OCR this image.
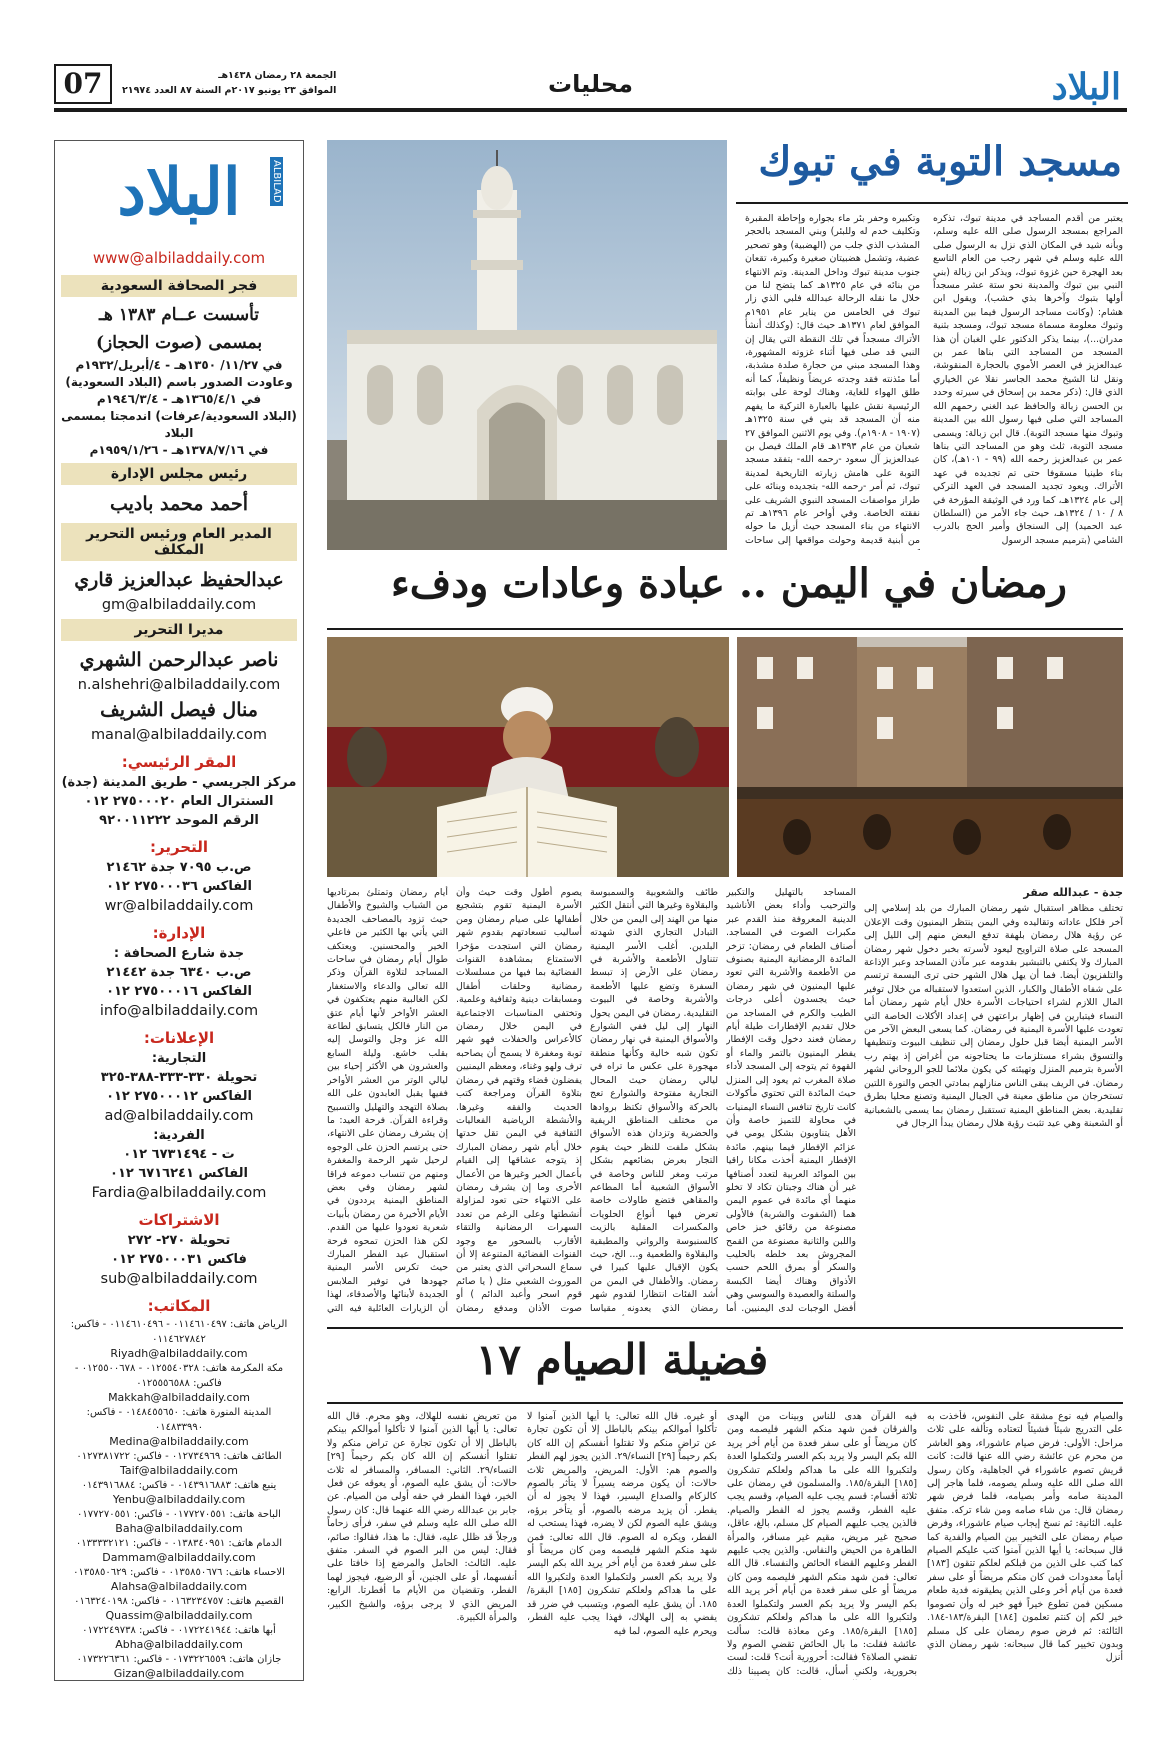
البلاد
محليات
الجمعة ٢٨ رمضان ١٤٣٨هـ
الموافق ٢٣ يونيو ٢٠١٧م السنة ٨٧ العدد ٢١٩٧٤
07
البلاد	ALBILAD
www@albiladdaily.com
فجر الصحافة السعودية
تأسست عــام ١٣٨٣ هـ
بمسمى (صوت الحجاز)
في ١١/٢٧/ ١٣٥٠هـ - ٤/أبريل/١٩٣٢م
وعاودت الصدور باسم (البلاد السعودية)
في ١٣٦٥/٤/١هـ - ١٩٤٦/٣/٤م
(البلاد السعودية/عرفات) اندمجتا بمسمى البلاد
في ١٣٧٨/٧/١٦هـ - ١٩٥٩/١/٢٦م
رئيس مجلس الإدارة
أحمد محمد باديب
المدير العام ورئيس التحرير المكلف
عبدالحفيظ عبدالعزيز قاري
gm@albiladdaily.com
مديرا التحرير
ناصر عبدالرحمن الشهري
n.alshehri@albiladdaily.com
منال فيصل الشريف
manal@albiladdaily.com
المقر الرئيسي:
مركز الجريسي - طريق المدينة (جدة)
السنترال العام ٢٧٥٠٠٠٢٠ ٠١٢
الرقم الموحد ٩٢٠٠١١٢٢٢
التحرير:
ص.ب ٧٠٩٥ جدة ٢١٤٦٢
الفاكس ٢٧٥٠٠٠٣٦ ٠١٢
wr@albiladdaily.com
الإدارة:
جدة شارع الصحافة :
ص.ب ٦٣٤٠ جدة ٢١٤٤٢
الفاكس ٢٧٥٠٠٠١٦ ٠١٢
info@albiladdaily.com
الإعلانات:
التجارية:
تحويلة ٣٣٠-٣٣٣-٣٨٨-٣٢٥
الفاكس ٢٧٥٠٠٠١٢ ٠١٢
ad@albiladdaily.com
الفردية:
ت - ٦٧٣١٤٩٤ ٠١٢
الفاكس ٦٧١٦٢٤١ ٠١٢
Fardia@albiladdaily.com
الاشتراكات
تحويلة ٢٧٠- ٢٧٢
فاكس ٢٧٥٠٠٠٣١ ٠١٢
sub@albiladdaily.com
المكاتب:
الرياض هاتف: ٠١١٤٦١٠٤٩٧ - ٠١١٤٦١٠٤٩٦ - فاكس: ٠١١٤٦٢٧٨٤٢
Riyadh@albiladdaily.com
مكة المكرمة هاتف: ٠١٢٥٥٤٠٣٢٨ - ٠١٢٥٥٠٠٦٧٨ - فاكس: ٠١٢٥٥٥٦٥٨٨
Makkah@albiladdaily.com
المدينة المنورة هاتف: ٠١٤٨٤٥٥٦٥٠ - فاكس: ٠١٤٨٣٣٩٩٠
Medina@albiladdaily.com
الطائف هاتف: ٠١٢٧٣٤٩٦٩ - فاكس: ٠١٢٧٣٨١٧٢٢
Taif@albiladdaily.com
ينبع هاتف: ٠١٤٣٩١٦٨٨٣ - فاكس: ٠١٤٣٩١٦٨٨٤
Yenbu@albiladdaily.com
الباحة هاتف: ٠١٧٧٢٧٠٥٥١ - فاكس: ٠١٧٧٢٧٠٥٥١
Baha@albiladdaily.com
الدمام هاتف: ٠١٣٨٣٤٠٩٥١ - فاكس: ٠١٣٣٣٣٢١٢١
Dammam@albiladdaily.com
الاحساء هاتف: ٠١٣٥٨٥٠٦٧٦ - فاكس: ٠١٣٥٨٥٠٦٢٩
Alahsa@albiladdaily.com
القصيم هاتف: ٠١٦٣٢٣٤٧٥٧ - فاكس: ٠١٦٣٢٤٠١٩٨
Quassim@albiladdaily.com
أبها هاتف: ٠١٧٢٢٤١٩٤٤ - فاكس: ٠١٧٢٢٤٩٧٣٨
Abha@albiladdaily.com
جازان هاتف: ٠١٧٣٢٢٦٥٥٩ - فاكس: ٠١٧٣٢٢٦٣٦١
Gizan@albiladdaily.com
مسجد التوبة في تبوك
وتكبيره وحفر بئر ماء بجواره وإحاطة المقبرة وتكليف خدم له وللبئر) وبني المسجد بالحجر المشذب الذي جلب من (الهضبية) وهو تصحير عضبة، وتشمل هضبيتان صغيرة وكبيرة، تقعان جنوب مدينة تبوك وداخل المدينة. وتم الانتهاء من بنائه في عام ١٣٢٥هـ كما يتضح لنا من خلال ما نقله الرحالة عبدالله فلبي الذي زار تبوك في الخامس من يناير عام ١٩٥١م الموافق لعام ١٣٧١هـ حيث قال: (وكذلك أنشأ الأتراك مسجداً في تلك النقطة التي يقال إن النبي قد صلى فيها أثناء غزوته المشهورة، وهذا المسجد مبني من حجارة صلدة مشذبة، أما مئذنته فقد وجدته عريضاً ونظيفاً، كما أنه طلق الهواء للغاية، وهناك لوحة على بوابته الرئيسية نقش عليها بالعبارة التركية ما يفهم منه أن المسجد قد بني في سنة ١٣٢٥هـ (١٩٠٧ - ١٩٠٨م). وفي يوم الاثنين الموافق ٢٧ شعبان من عام ١٣٩٣هـ قام الملك فيصل بن عبدالعزيز آل سعود -رحمه الله- بتفقد مسجد التوبة على هامش زيارته التاريخية لمدينة تبوك، ثم أمر -رحمه الله- بتجديده وبنائه على طراز مواصفات المسجد النبوي الشريف على نفقته الخاصة. وفي أواخر عام ١٣٩٦هـ تم الانتهاء من بناء المسجد حيث أزيل ما حوله من أبنية قديمة وحولت مواقعها إلى ساحات
يعتبر من أقدم المساجد في مدينة تبوك، تذكره المراجع بمسجد الرسول صلى الله عليه وسلم، وبأنه شيد في المكان الذي نزل به الرسول صلى الله عليه وسلم في شهر رجب من العام التاسع بعد الهجرة حين غزوة تبوك، ويذكر ابن زبالة (بني النبي بين تبوك والمدينة نحو ستة عشر مسجداً أولها بتبوك وآخرها بذي خشب)، ويقول ابن هشام: (وكانت مساجد الرسول فيما بين المدينة وتبوك معلومة مسماة مسجد تبوك، ومسجد بثنية مدران...)، بينما يذكر الدكتور علي الغبان أن هذا المسجد من المساجد التي بناها عمر بن عبدالعزيز في العصر الأموي بالحجارة المنقوشة، ونقل لنا الشيخ محمد الجاسر نقلا عن الخياري الذي قال: (ذكر محمد بن إسحاق في سيرته وحدد بن الحسن زبالة والحافظ عبد الغني رحمهم الله المساجد التي صلى فيها رسول الله بين المدينة وتبوك منها مسجد التوبة). قال ابن زبالة: ويسمى مسجد التوبة، ثلث وهو من المساجد التي بناها عمر بن عبدالعزيز رحمه الله (٩٩ - ١٠١هـ)، كان بناء طينيا مسقوفا حتى تم تجديده في عهد الأتراك. ويعود تجديد المسجد في العهد التركي إلى عام ١٣٢٤هـ، كما ورد في الوثيقة المؤرخة في ٨ / ١٠ / ١٣٢٤هـ، حيث جاء الأمر من (السلطان عبد الحميد) إلى السنجاق وأمير الحج بالدرب الشامي (بترميم مسجد الرسول
رمضان في اليمن .. عبادة وعادات ودفء
أيام رمضان وتمتلئ بمرتاديها من الشباب والشيوخ والأطفال حيث تزود بالمصاحف الجديدة التي يأتي بها الكثير من فاعلي الخير والمحسنين. ويعتكف طوال أيام رمضان في ساحات المساجد لتلاوة القرآن وذكر الله تعالى والدعاء والاستغفار لكن الغالبية منهم يعتكفون في العشر الأواخر لأنها أيام عتق من النار فالكل يتسابق لطاعة الله عز وجل والتوسل إليه بقلب خاشع. وليلة السابع والعشرون هي الأكثر إحياء بين ليالي الوتر من العشر الأواخر ففيها يقبل العابدون على الله بصلاة التهجد والتهليل والتسبيح وقراءة القرآن. فرحة العيد: ما إن يشرف رمضان على الانتهاء، حتى يرتسم الحزن على الوجوه لرحيل شهر الرحمة والمغفرة ومنهم من تنساب دموعه فراقا لشهر رمضان وفي بعض المناطق اليمنية يرددون في الأيام الأخيرة من رمضان بأبيات شعرية تعودوا عليها من القدم. لكن هذا الحزن تمحوه فرحة استقبال عيد الفطر المبارك حيث تكرس الأسر اليمنية جهودها في توفير الملابس الجديدة لأبنائها والأصدقاء، لهذا أن الزيارات العائلية فيه التي
يصوم أطول وقت حيث وأن الأسرة اليمنية تقوم بتشجيع أطفالها على صيام رمضان ومن أساليب تسعادتهم بقدوم شهر رمضان التي استجدت مؤخرا الاستمتاع بمشاهدة القنوات الفضائية بما فيها من مسلسلات رمضانية وحلقات أطفال ومسابقات دينية وثقافية وعلمية. وتختفي المناسبات الاجتماعية في اليمن خلال رمضان كالأعراس والحفلات فهو شهر توبة ومغفرة لا يسمح أن يصاحبه ترف ولهو وغناء، ومعظم اليمنيين يفضلون قضاء وقتهم في رمضان بتلاوة القرآن ومراجعة كتب الحديث والفقه وغيرها. والأنشطة الرياضية الفعاليات الثقافية في اليمن تقل حدتها خلال أيام شهر رمضان المبارك إذ يتوجه عشاقها إلى القيام بأعمال الخير وغيرها من الأعمال الأخرى وما إن يشرف رمضان على الانتهاء حتى تعود لمزاولة أنشطتها وعلى الرغم من تعدد السهرات الرمضانية والتقاء الأقارب بالسحور مع وجود القنوات الفضائية المتنوعة إلا أن سماع السحراتي الذي يعتبر من الموروث الشعبي مثل ( يا صائم قوم اسحر وأعبد الدائم ) أو صوت الأذان ومدفع رمضان
طائف والشعوبية والسمبوسة والبقلاوة وغيرها التي أنتقل الكثير منها من الهند إلى اليمن من خلال التبادل التجاري الذي شهدته البلدين. أغلب الأسر اليمنية تتناول الأطعمة والأشربة في رمضان على الأرض إذ تبسط السفرة وتضع عليها الأطعمة والأشربة وخاصة في البيوت التقليدية. رمضان في اليمن يحول النهار إلى ليل ففي الشوارع والأسواق اليمنية في نهار رمضان تكون شبه خالية وكأنها منطقة مهجورة على عكس ما تراه في ليالي رمضان حيث المحال التجارية مفتوحة والشوارع تعج بالحركة والأسواق تكتظ بروادها من مختلف المناطق الريفية والحضرية وتزدان هذه الأسواق بشكل ملفت للنظر حيث يقوم التجار بعرض بضائعهم بشكل مرتب ومغر للناس وخاصة في الأسواق الشعبية أما المطاعم والمقاهي فتضع طاولات خاصة تعرض فيها أنواع الحلويات والمكسرات المقلية بالزيت كالسنبوسة والرواني والمطبقية والبقلاوة والطعمية و... الخ، حيث يكون الإقبال عليها كبيرا في رمضان. والأطفال في اليمن من أشد الفئات انتظارا لقدوم شهر رمضان الذي يعدونه مقياسا
المساجد بالتهليل والتكبير والترحيب وأداء بعض الأناشيد الدينية المعروفة منذ القدم عبر مكبرات الصوت في المساجد. أصناف الطعام في رمضان: تزخر المائدة الرمضانية اليمنية بصنوف من الأطعمة والأشربة التي تعود عليها اليمنيون في شهر رمضان حيث يجسدون أعلى درجات الطيب والكرم في المساجد من خلال تقديم الإفطارات طيلة أيام رمضان فعند دخول وقت الإفطار يفطر اليمنيون بالتمر والماء أو القهوة ثم يتوجه إلى المسجد لأداء صلاة المغرب ثم يعود إلى المنزل حيث المائدة التي تحتوي مأكولات كانت تاريخ تنافس النساء اليمنيات في محاولة للتميز خاصة وأن الأهل يتناوبون بشكل يومي في عزائم الإفطار فيما بينهم. مائدة الإفطار اليمنية أخذت مكانا راقيا بين الموائد العربية لتعدد أصنافها غير أن هناك وجبتان تكاد لا تخلو منهما أي مائدة في عموم اليمن هما (الشفوت والشربة) فالأولى مصنوعة من رقائق خبز خاص واللبن والثانية مصنوعة من القمح المجروش بعد خلطه بالحليب والسكر أو بمرق اللحم حسب الأذواق وهناك أيضا الكبسة والسلتة والعصيدة والسوسي وهي أفضل الوجبات لدى اليمنيين. أما
جدة - عبدالله صقر
تختلف مظاهر استقبال شهر رمضان المبارك من بلد إسلامي إلى آخر فلكل عاداته وتقاليده وفي اليمن ينتظر اليمنيون وقت الإعلان عن رؤية هلال رمضان بلهفة تدفع البعض منهم إلى الليل إلى المسجد على صلاة التراويح ليعود لأسرته بخبر دخول شهر رمضان المبارك ولا يكتفي بالتبشير بقدومه عبر مآذن المساجد وعبر الإذاعة والتلفزيون أيضا. فما أن يهل هلال الشهر حتى ترى البسمة ترتسم على شفاه الأطفال والكبار، الذين استعدوا لاستقباله من خلال توفير المال اللازم لشراء احتياجات الأسرة خلال أيام شهر رمضان أما النساء فيتبارين في إظهار براعتهن في إعداد الأكلات الخاصة التي تعودت عليها الأسرة اليمنية في رمضان. كما يسعى البعض الآخر من الأسر اليمنية أيضا قبل حلول رمضان إلى تنظيف البيوت وتنظيفها والتسوق بشراء مستلزمات ما يحتاجونه من أغراض إذ يهتم رب الأسرة بترميم المنزل وتهيئته كي يكون ملائما للجو الروحاني لشهر رمضان. في الريف يبقى الناس منازلهم بمادتي الجص والنورة اللتين تستخرجان من مناطق معينة في الجبال اليمنية وتصنع محليا بطرق تقليدية. بعض المناطق اليمنية تستقبل رمضان بما يسمى بالشعبانية أو الشعبنة وهي عيد تثبت رؤية هلال رمضان يبدأ الرجال في
فضيلة الصيام ١٧
من تعريض نفسه للهلاك، وهو محرم. قال الله تعالى: يا أيها الذين آمنوا لا تأكلوا أموالكم بينكم بالباطل إلا أن تكون تجارة عن تراض منكم ولا تقتلوا أنفسكم إن الله كان بكم رحيماً [٢٩] النساء/٢٩. الثاني: المسافر، والمسافر له ثلاث حالات: أن يشق عليه الصوم، أو يعوقه عن فعل الخير، فهذا الفطر في حقه أولى من الصيام. عن جابر بن عبدالله رضي الله عنهما قال: كان رسول الله صلى الله عليه وسلم في سفر، فرأى زحاماً ورجلاً قد ظلل عليه، فقال: ما هذا، فقالوا: صائم، فقال: ليس من البر الصوم في السفر. متفق عليه. الثالث: الحامل والمرضع إذا خافتا على أنفسهما، أو على الجنين، أو الرضيع، فيجوز لهما الفطر، وتقضيان من الأيام ما أفطرتا. الرابع: المريض الذي لا يرجى برؤه، والشيخ الكبير، والمرأة الكبيرة.
أو غيره. قال الله تعالى: يا أيها الذين آمنوا لا تأكلوا أموالكم بينكم بالباطل إلا أن تكون تجارة عن تراض منكم ولا تقتلوا أنفسكم إن الله كان بكم رحيماً [٢٩] النساء/٢٩. الذين يجوز لهم الفطر والصوم هم: الأول: المريض، والمريض ثلاث حالات: أن يكون مرضه يسيراً لا يتأثر بالصوم كالزكام والصداع اليسير، فهذا لا يجوز له أن يفطر. أن يزيد مرضه بالصوم، أو يتأخر برؤه، ويشق عليه الصوم لكن لا يضره، فهذا يستحب له الفطر، ويكره له الصوم. قال الله تعالى: فمن شهد منكم الشهر فليصمه ومن كان مريضاً أو على سفر فعدة من أيام أخر يريد الله بكم اليسر ولا يريد بكم العسر ولتكملوا العدة ولتكبروا الله على ما هداكم ولعلكم تشكرون [١٨٥] البقرة/١٨٥. أن يشق عليه الصوم، ويتسبب في ضرر قد يفضي به إلى الهلاك، فهذا يجب عليه الفطر، ويحرم عليه الصوم، لما فيه
فيه القرآن هدى للناس وبينات من الهدى والفرقان فمن شهد منكم الشهر فليصمه ومن كان مريضاً أو على سفر فعدة من أيام أخر يريد الله بكم اليسر ولا يريد بكم العسر ولتكملوا العدة ولتكبروا الله على ما هداكم ولعلكم تشكرون [١٨٥] البقرة/١٨٥. والمسلمون في رمضان على ثلاثة أقسام: قسم يجب عليه الصيام، وقسم يجب عليه الفطر، وقسم يجوز له الفطر والصيام. فالذين يجب عليهم الصيام كل مسلم، بالغ، عاقل، صحيح غير مريض، مقيم غير مسافر، والمرأة الطاهرة من الحيض والنفاس. والذين يجب عليهم الفطر وعليهم القضاء الحائض والنفساء. قال الله تعالى: فمن شهد منكم الشهر فليصمه ومن كان مريضاً أو على سفر فعدة من أيام أخر يريد الله بكم اليسر ولا يريد بكم العسر ولتكملوا العدة ولتكبروا الله على ما هداكم ولعلكم تشكرون [١٨٥] البقرة/١٨٥. وعن معاذة قالت: سألت عائشة فقلت: ما بال الحائض تقضي الصوم ولا تقضي الصلاة؟ فقالت: أحرورية أنت؟ قلت: لست بحرورية، ولكني أسأل، قالت: كان يصيبنا ذلك
والصيام فيه نوع مشقة على النفوس، فأخذت به على التدريج شيئاً فشيئاً لتعتاده وتألفه على ثلاث مراحل: الأولى: فرض صيام عاشوراء، وهو العاشر من محرم عن عائشة رضي الله عنها قالت: كانت قريش تصوم عاشوراء في الجاهلية، وكان رسول الله صلى الله عليه وسلم يصومه، فلما هاجر إلى المدينة صامه وأمر بصيامه، فلما فرض شهر رمضان قال: من شاء صامه ومن شاء تركه. متفق عليه. الثانية: ثم نسخ إيجاب صيام عاشوراء، وفرض صيام رمضان على التخيير بين الصيام والفدية كما قال سبحانه: يا أيها الذين آمنوا كتب عليكم الصيام كما كتب على الذين من قبلكم لعلكم تتقون [١٨٣] أياماً معدودات فمن كان منكم مريضاً أو على سفر فعدة من أيام أخر وعلى الذين يطيقونه فدية طعام مسكين فمن تطوع خيراً فهو خير له وأن تصوموا خير لكم إن كنتم تعلمون [١٨٤] البقرة/١٨٣-١٨٤. الثالثة: ثم فرض صوم رمضان على كل مسلم وبدون تخيير كما قال سبحانه: شهر رمضان الذي أنزل
